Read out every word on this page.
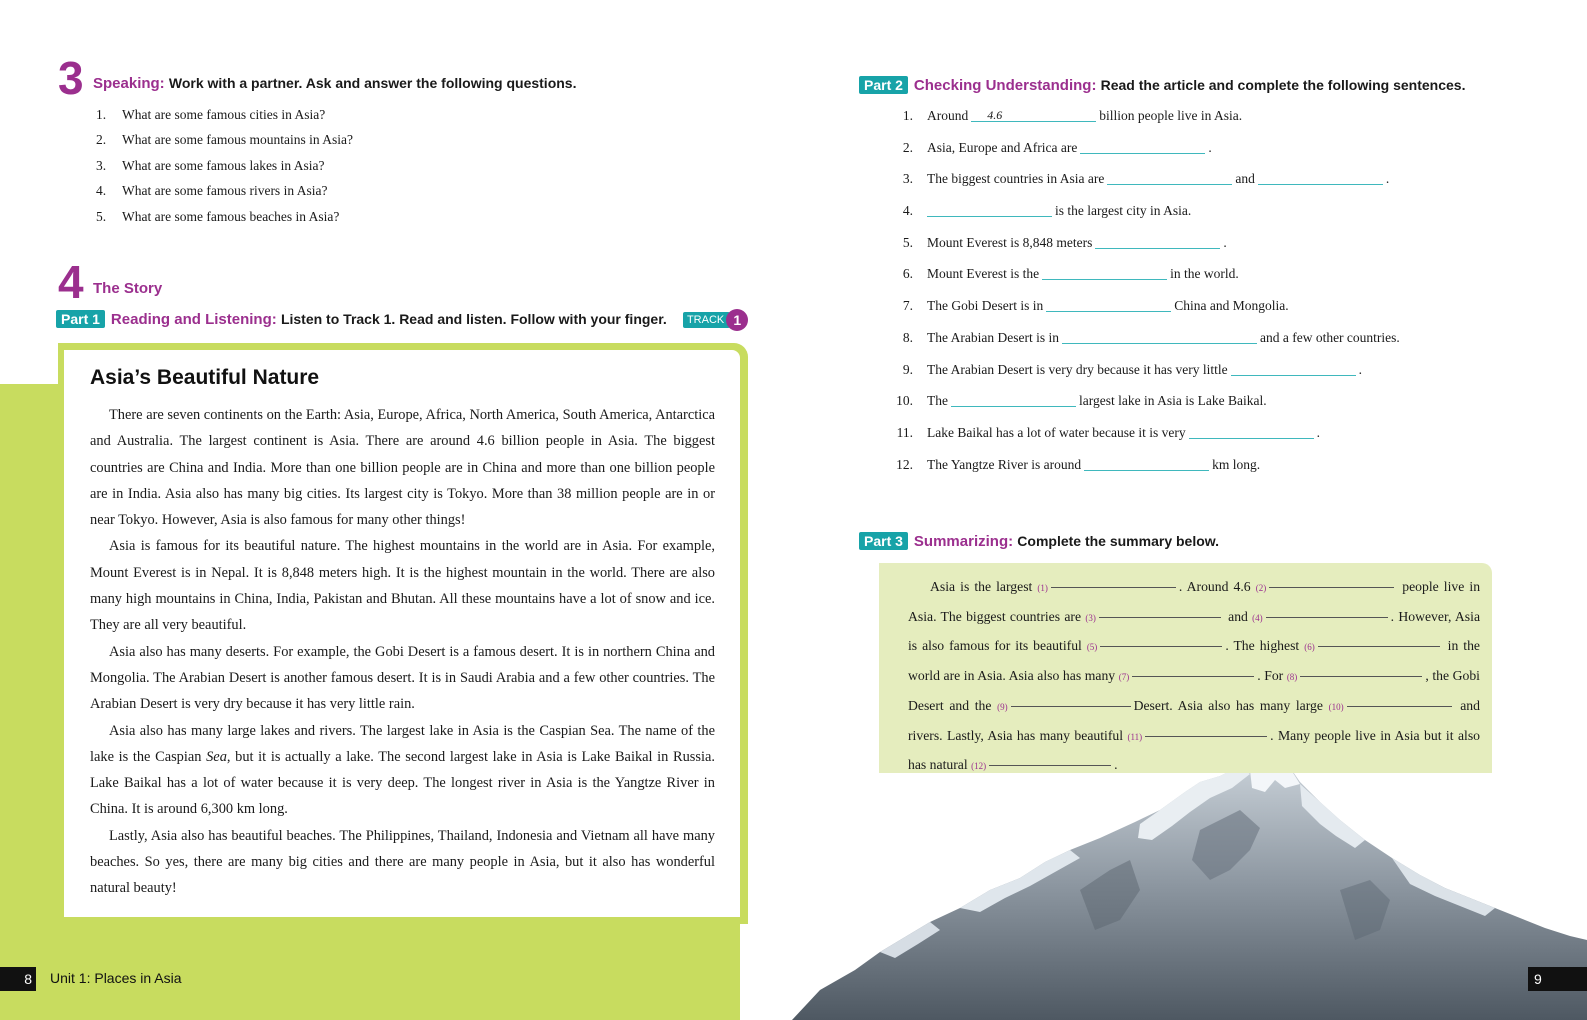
3 Speaking: Work with a partner. Ask and answer the following questions.
1.	What are some famous cities in Asia?
2.	What are some famous mountains in Asia?
3.	What are some famous lakes in Asia?
4.	What are some famous rivers in Asia?
5.	What are some famous beaches in Asia?
4 The Story
Part 1 Reading and Listening: Listen to Track 1. Read and listen. Follow with your finger. TRACK 1
Asia’s Beautiful Nature

There are seven continents on the Earth: Asia, Europe, Africa, North America, South America, Antarctica and Australia. The largest continent is Asia. There are around 4.6 billion people in Asia. The biggest countries are China and India. More than one billion people are in China and more than one billion people are in India. Asia also has many big cities. Its largest city is Tokyo. More than 38 million people are in or near Tokyo. However, Asia is also famous for many other things!

Asia is famous for its beautiful nature. The highest mountains in the world are in Asia. For example, Mount Everest is in Nepal. It is 8,848 meters high. It is the highest mountain in the world. There are also many high mountains in China, India, Pakistan and Bhutan. All these mountains have a lot of snow and ice. They are all very beautiful.

Asia also has many deserts. For example, the Gobi Desert is a famous desert. It is in northern China and Mongolia. The Arabian Desert is another famous desert. It is in Saudi Arabia and a few other countries. The Arabian Desert is very dry because it has very little rain.

Asia also has many large lakes and rivers. The largest lake in Asia is the Caspian Sea. The name of the lake is the Caspian Sea, but it is actually a lake. The second largest lake in Asia is Lake Baikal in Russia. Lake Baikal has a lot of water because it is very deep. The longest river in Asia is the Yangtze River in China. It is around 6,300 km long.

Lastly, Asia also has beautiful beaches. The Philippines, Thailand, Indonesia and Vietnam all have many beaches. So yes, there are many big cities and there are many people in Asia, but it also has wonderful natural beauty!

8 Unit 1: Places in Asia
Part 2 Checking Understanding: Read the article and complete the following sentences.
1.	Around	4.6	billion people live in Asia.
2.	Asia, Europe and Africa are	.
3.	The biggest countries in Asia are	and	.
4.	is the largest city in Asia.
5.	Mount Everest is 8,848 meters	.
6.	Mount Everest is the	in the world.
7.	The Gobi Desert is in	China and Mongolia.
8.	The Arabian Desert is in	and a few other countries.
9.	The Arabian Desert is very dry because it has very little	.
10.	The	largest lake in Asia is Lake Baikal.
11.	Lake Baikal has a lot of water because it is very	.
12.	The Yangtze River is around	km long.
Part 3 Summarizing: Complete the summary below.
Asia is the largest (1)	. Around 4.6 (2)	people live in Asia. The biggest countries are (3)	and (4)	. However, Asia is also famous for its beautiful (5)	. The highest (6)	in the world are in Asia. Asia also has many (7)	. For (8)	, the Gobi Desert and the (9)	Desert. Asia also has many large (10)	and rivers. Lastly, Asia has many beautiful (11)	. Many people live in Asia but it also has natural (12)	.
9
